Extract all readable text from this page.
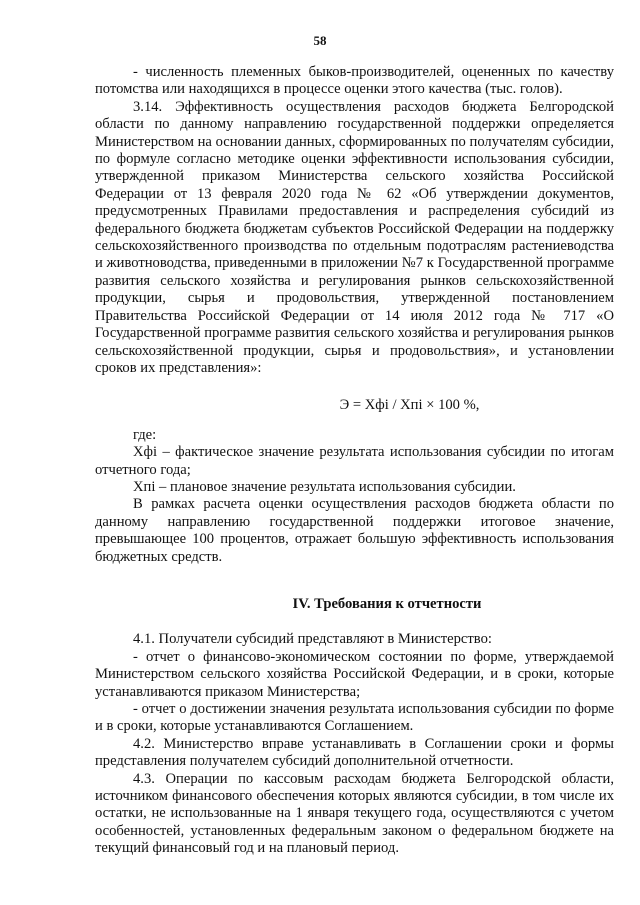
58

- численность племенных быков-производителей, оцененных по качеству потомства или находящихся в процессе оценки этого качества (тыс. голов).

3.14. Эффективность осуществления расходов бюджета Белгородской области по данному направлению государственной поддержки определяется Министерством на основании данных, сформированных по получателям субсидии, по формуле согласно методике оценки эффективности использования субсидии, утвержденной приказом Министерства сельского хозяйства Российской Федерации от 13 февраля 2020 года № 62 «Об утверждении документов, предусмотренных Правилами предоставления и распределения субсидий из федерального бюджета бюджетам субъектов Российской Федерации на поддержку сельскохозяйственного производства по отдельным подотраслям растениеводства и животноводства, приведенными в приложении №7 к Государственной программе развития сельского хозяйства и регулирования рынков сельскохозяйственной продукции, сырья и продовольствия, утвержденной постановлением Правительства Российской Федерации от 14 июля 2012 года № 717 «О Государственной программе развития сельского хозяйства и регулирования рынков сельскохозяйственной продукции, сырья и продовольствия», и установлении сроков их представления»:

Э = Xфi / Xпi × 100 %,

где:

Xфi – фактическое значение результата использования субсидии по итогам отчетного года;

Xпi – плановое значение результата использования субсидии.

В рамках расчета оценки осуществления расходов бюджета области по данному направлению государственной поддержки итоговое значение, превышающее 100 процентов, отражает большую эффективность использования бюджетных средств.

IV. Требования к отчетности

4.1. Получатели субсидий представляют в Министерство:

- отчет о финансово-экономическом состоянии по форме, утверждаемой Министерством сельского хозяйства Российской Федерации, и в сроки, которые устанавливаются приказом Министерства;

- отчет о достижении значения результата использования субсидии по форме и в сроки, которые устанавливаются Соглашением.

4.2. Министерство вправе устанавливать в Соглашении сроки и формы представления получателем субсидий дополнительной отчетности.

4.3. Операции по кассовым расходам бюджета Белгородской области, источником финансового обеспечения которых являются субсидии, в том числе их остатки, не использованные на 1 января текущего года, осуществляются с учетом особенностей, установленных федеральным законом о федеральном бюджете на текущий финансовый год и на плановый период.
